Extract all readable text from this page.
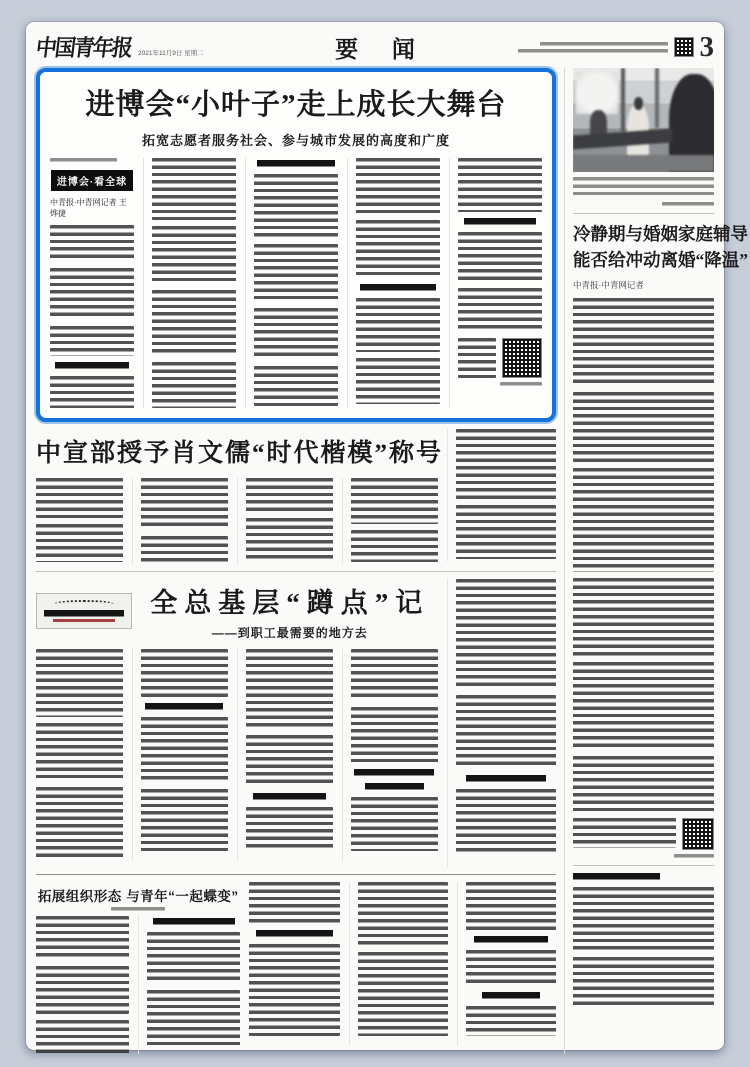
中国青年报 2021年11月9日 星期二	要 闻	3
进博会“小叶子”走上成长大舞台
拓宽志愿者服务社会、参与城市发展的高度和广度
进博会·看全球
中青报·中青网记者 王烨捷
中宣部授予肖文儒“时代楷模”称号
全总基层“蹲点”记
——到职工最需要的地方去
拓展组织形态 与青年“一起蝶变”
冷静期与婚姻家庭辅导
能否给冲动离婚“降温”
中青报·中青网记者
